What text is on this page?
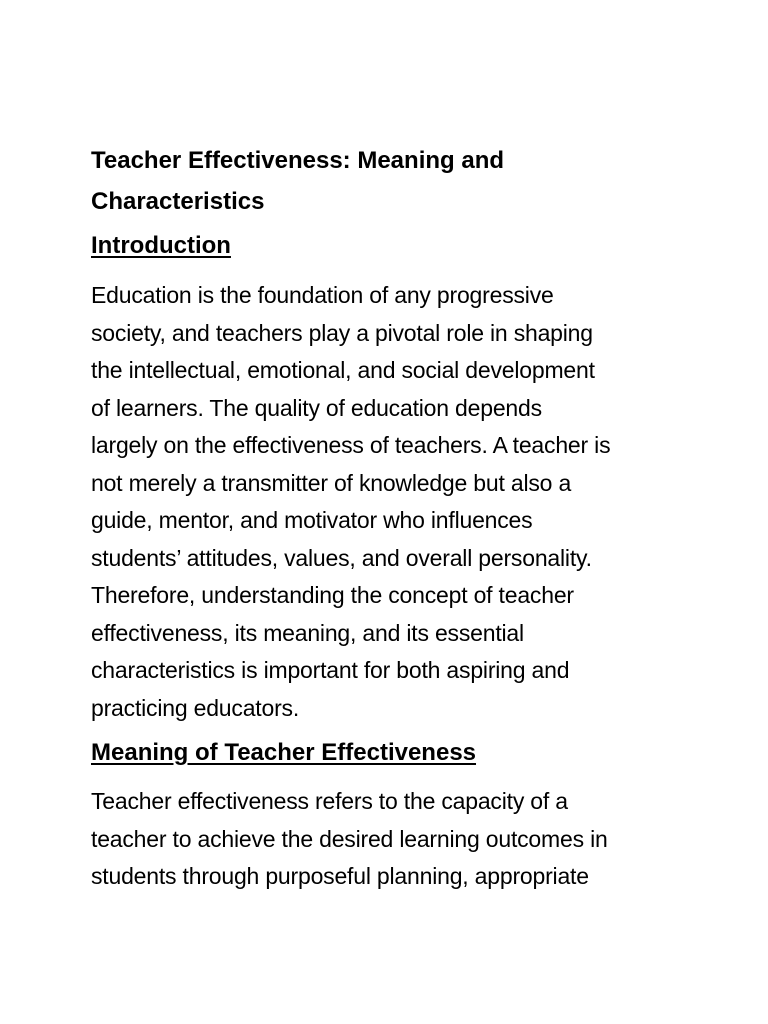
Teacher Effectiveness: Meaning and
Characteristics
Introduction

Education is the foundation of any progressive
society, and teachers play a pivotal role in shaping
the intellectual, emotional, and social development
of learners. The quality of education depends
largely on the effectiveness of teachers. A teacher is
not merely a transmitter of knowledge but also a
guide, mentor, and motivator who influences
students’ attitudes, values, and overall personality.
Therefore, understanding the concept of teacher
effectiveness, its meaning, and its essential
characteristics is important for both aspiring and
practicing educators.

Meaning of Teacher Effectiveness

Teacher effectiveness refers to the capacity of a
teacher to achieve the desired learning outcomes in
students through purposeful planning, appropriate
